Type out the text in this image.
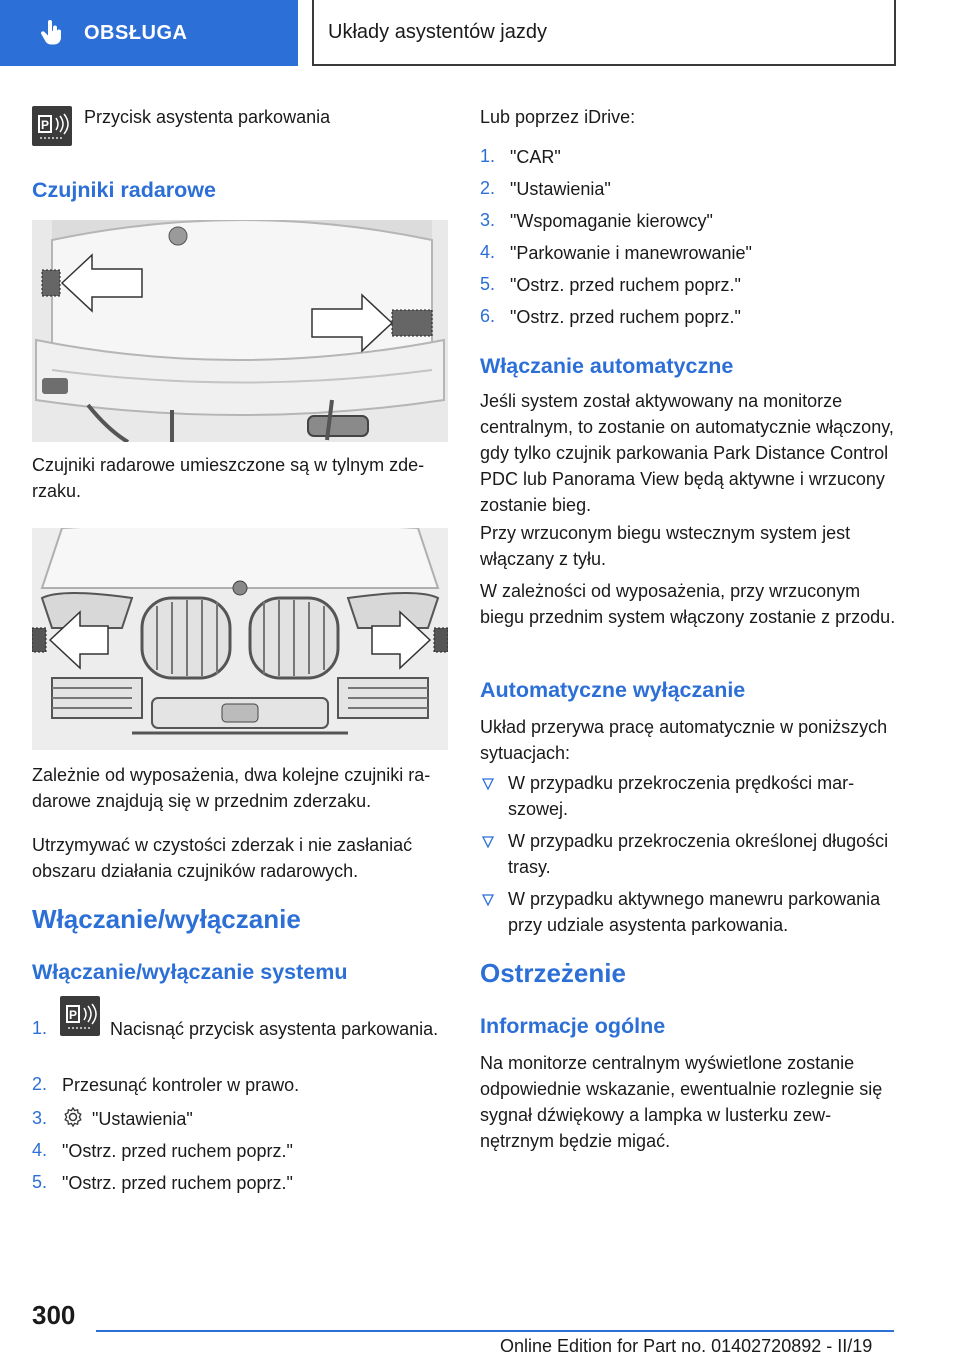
OBSŁUGA	Układy asystentów jazdy
P Przycisk asystenta parkowania
Czujniki radarowe
Czujniki radarowe umieszczone są w tylnym zderzaku.
Zależnie od wyposażenia, dwa kolejne czujniki radarowe znajdują się w przednim zderzaku.
Utrzymywać w czystości zderzak i nie zasłaniać obszaru działania czujników radarowych.
Włączanie/wyłączanie
Włączanie/wyłączanie systemu
1.
P
Nacisnąć przycisk asystenta parkowania.
2. Przesunąć kontroler w prawo.
3. "Ustawienia"
4. "Ostrz. przed ruchem poprz."
5. "Ostrz. przed ruchem poprz."
Lub poprzez iDrive:
1. "CAR"
2. "Ustawienia"
3. "Wspomaganie kierowcy"
4. "Parkowanie i manewrowanie"
5. "Ostrz. przed ruchem poprz."
6. "Ostrz. przed ruchem poprz."
Włączanie automatyczne
Jeśli system został aktywowany na monitorze centralnym, to zostanie on automatycznie włączony, gdy tylko czujnik parkowania Park Distance Control PDC lub Panorama View będą aktywne i wrzucony zostanie bieg.
Przy wrzuconym biegu wstecznym system jest włączany z tyłu.
W zależności od wyposażenia, przy wrzuconym biegu przednim system włączony zostanie z przodu.
Automatyczne wyłączanie
Układ przerywa pracę automatycznie w poniższych sytuacjach:
W przypadku przekroczenia prędkości marszowej.
W przypadku przekroczenia określonej długości trasy.
W przypadku aktywnego manewru parkowania przy udziale asystenta parkowania.
Ostrzeżenie
Informacje ogólne
Na monitorze centralnym wyświetlone zostanie odpowiednie wskazanie, ewentualnie rozlegnie się sygnał dźwiękowy a lampka w lusterku zewnętrznym będzie migać.
300
Online Edition for Part no. 01402720892 - II/19
